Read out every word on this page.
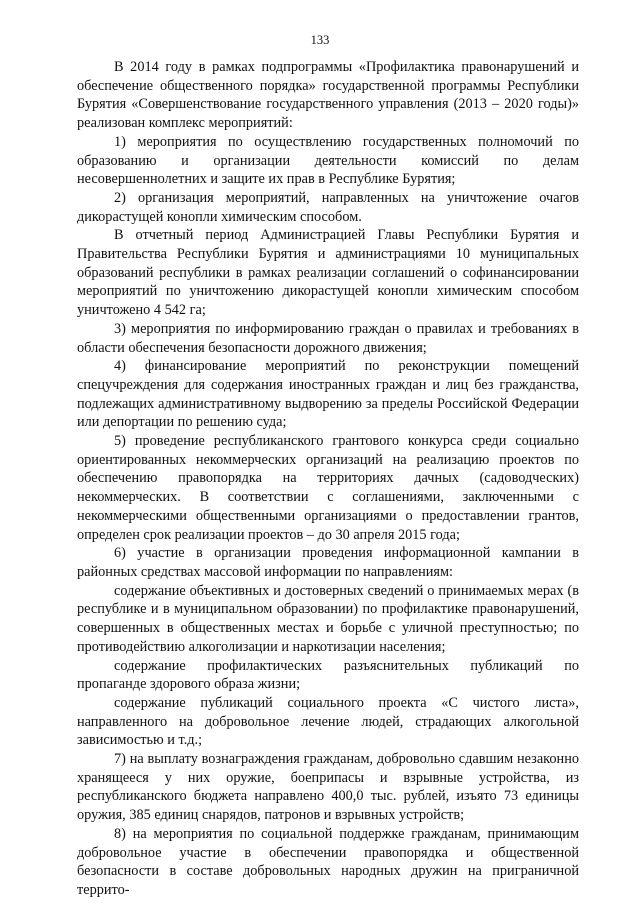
133

В 2014 году в рамках подпрограммы «Профилактика правонарушений и обеспечение общественного порядка» государственной программы Республики Бурятия «Совершенствование государственного управления (2013 – 2020 годы)» реализован комплекс мероприятий:

1) мероприятия по осуществлению государственных полномочий по образованию и организации деятельности комиссий по делам несовершеннолетних и защите их прав в Республике Бурятия;

2) организация мероприятий, направленных на уничтожение очагов дикорастущей конопли химическим способом.

В отчетный период Администрацией Главы Республики Бурятия и Правительства Республики Бурятия и администрациями 10 муниципальных образований республики в рамках реализации соглашений о софинансировании мероприятий по уничтожению дикорастущей конопли химическим способом уничтожено 4 542 га;

3) мероприятия по информированию граждан о правилах и требованиях в области обеспечения безопасности дорожного движения;

4) финансирование мероприятий по реконструкции помещений спецучреждения для содержания иностранных граждан и лиц без гражданства, подлежащих административному выдворению за пределы Российской Федерации или депортации по решению суда;

5) проведение республиканского грантового конкурса среди социально ориентированных некоммерческих организаций на реализацию проектов по обеспечению правопорядка на территориях дачных (садоводческих) некоммерческих. В соответствии с соглашениями, заключенными с некоммерческими общественными организациями о предоставлении грантов, определен срок реализации проектов – до 30 апреля 2015 года;

6) участие в организации проведения информационной кампании в районных средствах массовой информации по направлениям:

содержание объективных и достоверных сведений о принимаемых мерах (в республике и в муниципальном образовании) по профилактике правонарушений, совершенных в общественных местах и борьбе с уличной преступностью; по противодействию алкоголизации и наркотизации населения;

содержание профилактических разъяснительных публикаций по пропаганде здорового образа жизни;

содержание публикаций социального проекта «С чистого листа», направленного на добровольное лечение людей, страдающих алкогольной зависимостью и т.д.;

7) на выплату вознаграждения гражданам, добровольно сдавшим незаконно хранящееся у них оружие, боеприпасы и взрывные устройства, из республиканского бюджета направлено 400,0 тыс. рублей, изъято 73 единицы оружия, 385 единиц снарядов, патронов и взрывных устройств;

8) на мероприятия по социальной поддержке гражданам, принимающим добровольное участие в обеспечении правопорядка и общественной безопасности в составе добровольных народных дружин на приграничной террито-
